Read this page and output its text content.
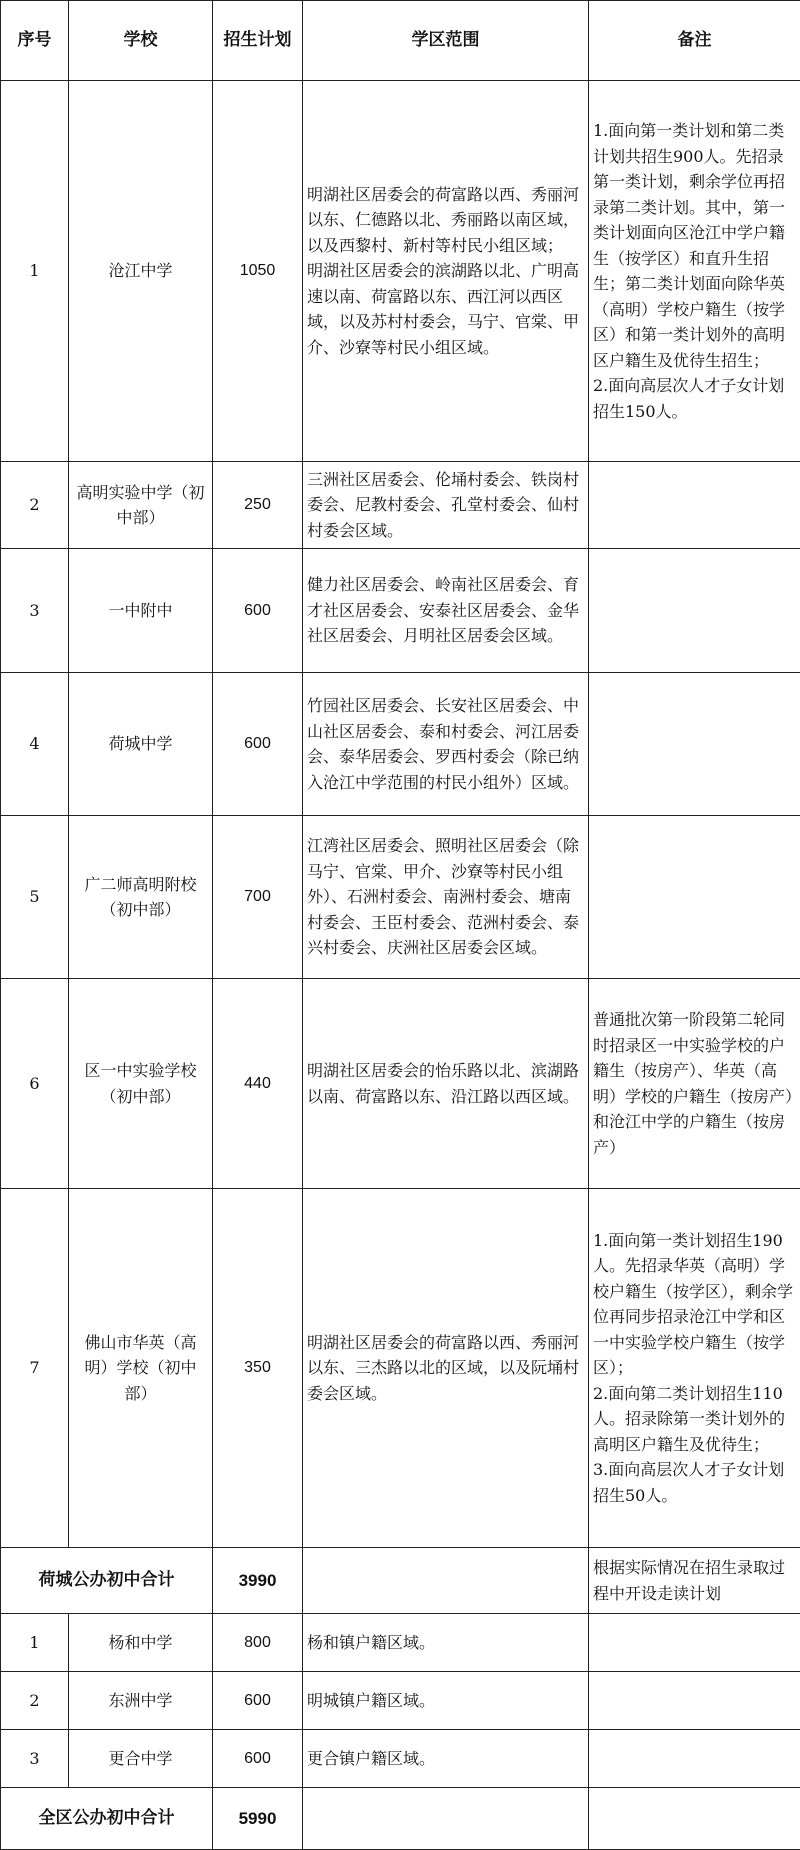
序号	学校	招生计划	学区范围	备注
1	沧江中学	1050	明湖社区居委会的荷富路以西、秀丽河以东、仁德路以北、秀丽路以南区域，以及西黎村、新村等村民小组区域；
明湖社区居委会的滨湖路以北、广明高速以南、荷富路以东、西江河以西区域，以及苏村村委会，马宁、官棠、甲介、沙寮等村民小组区域。	1.面向第一类计划和第二类计划共招生900人。先招录第一类计划，剩余学位再招录第二类计划。其中，第一类计划面向区沧江中学户籍生（按学区）和直升生招生；第二类计划面向除华英（高明）学校户籍生（按学区）和第一类计划外的高明区户籍生及优待生招生；
2.面向高层次人才子女计划招生150人。
2	高明实验中学（初中部）	250	三洲社区居委会、伦埇村委会、铁岗村委会、尼教村委会、孔堂村委会、仙村村委会区域。	
3	一中附中	600	健力社区居委会、岭南社区居委会、育才社区居委会、安泰社区居委会、金华社区居委会、月明社区居委会区域。	
4	荷城中学	600	竹园社区居委会、长安社区居委会、中山社区居委会、泰和村委会、河江居委会、泰华居委会、罗西村委会（除已纳入沧江中学范围的村民小组外）区域。	
5	广二师高明附校（初中部）	700	江湾社区居委会、照明社区居委会（除马宁、官棠、甲介、沙寮等村民小组外）、石洲村委会、南洲村委会、塘南村委会、王臣村委会、范洲村委会、泰兴村委会、庆洲社区居委会区域。	
6	区一中实验学校（初中部）	440	明湖社区居委会的怡乐路以北、滨湖路以南、荷富路以东、沿江路以西区域。	普通批次第一阶段第二轮同时招录区一中实验学校的户籍生（按房产）、华英（高明）学校的户籍生（按房产）和沧江中学的户籍生（按房产）
7	佛山市华英（高明）学校（初中部）	350	明湖社区居委会的荷富路以西、秀丽河以东、三杰路以北的区域，以及阮埇村委会区域。	1.面向第一类计划招生190人。先招录华英（高明）学校户籍生（按学区），剩余学位再同步招录沧江中学和区一中实验学校户籍生（按学区）；
2.面向第二类计划招生110人。招录除第一类计划外的高明区户籍生及优待生；
3.面向高层次人才子女计划招生50人。
荷城公办初中合计		3990		根据实际情况在招生录取过程中开设走读计划
1	杨和中学	800	杨和镇户籍区域。	
2	东洲中学	600	明城镇户籍区域。	
3	更合中学	600	更合镇户籍区域。	
全区公办初中合计		5990		
